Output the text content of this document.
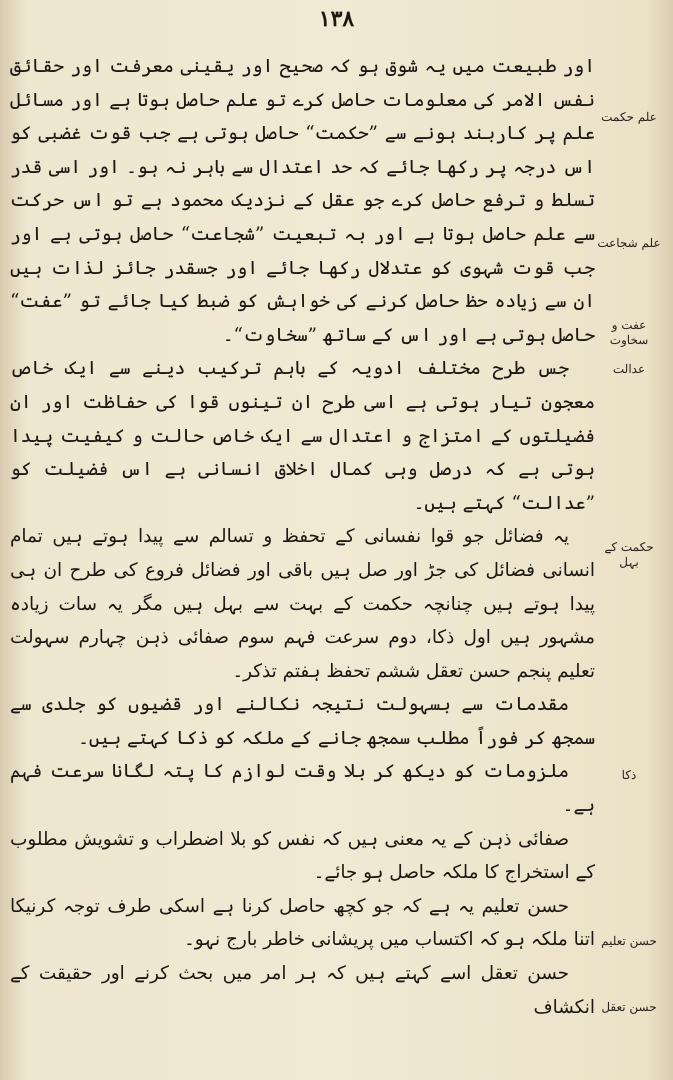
۱۳۸

اور طبیعت میں یہ شوق ہو کہ صحیح اور یقینی معرفت اور حقائق نفس الامر کی معلومات حاصل کرے تو علم حاصل ہوتا ہے اور مسائل علم پر کاربند ہونے سے ”حکمت“ حاصل ہوتی ہے جب قوت غضبی کو اس درجہ پر رکھا جائے کہ حد اعتدال سے باہر نہ ہو۔ اور اسی قدر تسلط و ترفع حاصل کرے جو عقل کے نزدیک محمود ہے تو اس حرکت سے علم حاصل ہوتا ہے اور بہ تبعیت ”شجاعت“ حاصل ہوتی ہے اور جب قوت شہوی کو عتدلال رکھا جائے اور جسقدر جائز لذات ہیں ان سے زیادہ حظ حاصل کرنے کی خواہش کو ضبط کیا جائے تو ”عفت“ حاصل ہوتی ہے اور اس کے ساتھ ”سخاوت“۔

جس طرح مختلف ادویہ کے باہم ترکیب دینے سے ایک خاص معجون تیار ہوتی ہے اسی طرح ان تینوں قوا کی حفاظت اور ان فضیلتوں کے امتزاج و اعتدال سے ایک خاص حالت و کیفیت پیدا ہوتی ہے کہ درصل وہی کمال اخلاق انسانی ہے اس فضیلت کو ”عدالت“ کہتے ہیں۔

یہ فضائل جو قوا نفسانی کے تحفظ و تسالم سے پیدا ہوتے ہیں تمام انسانی فضائل کی جڑ اور صل ہیں باقی اور فضائل فروع کی طرح ان ہی پیدا ہوتے ہیں چنانچہ حکمت کے بہت سے بہل ہیں مگر یہ سات زیادہ مشہور ہیں اول ذکا، دوم سرعت فہم سوم صفائی ذہن چہارم سہولت تعلیم پنجم حسن تعقل ششم تحفظ ہفتم تذکر۔

مقدمات سے بسہولت نتیجہ نکالنے اور قضیوں کو جلدی سے سمجھ کر فوراً مطلب سمجھ جانے کے ملکہ کو ذکا کہتے ہیں۔

ملزومات کو دیکھ کر بلا وقت لوازم کا پتہ لگانا سرعت فہم ہے۔

صفائی ذہن کے یہ معنی ہیں کہ نفس کو بلا اضطراب و تشویش مطلوب کے استخراج کا ملکہ حاصل ہو جائے۔

حسن تعلیم یہ ہے کہ جو کچھ حاصل کرنا ہے اسکی طرف توجہ کرنیکا اتنا ملکہ ہو کہ اکتساب میں پریشانی خاطر بارج نہو۔

حسن تعقل اسے کہتے ہیں کہ ہر امر میں بحث کرنے اور حقیقت کے انکشاف

علم حکمت
علم شجاعت
عفت و سخاوت
عدالت
حکمت کے بہل
ذکا
حسن تعلیم
حسن تعقل
